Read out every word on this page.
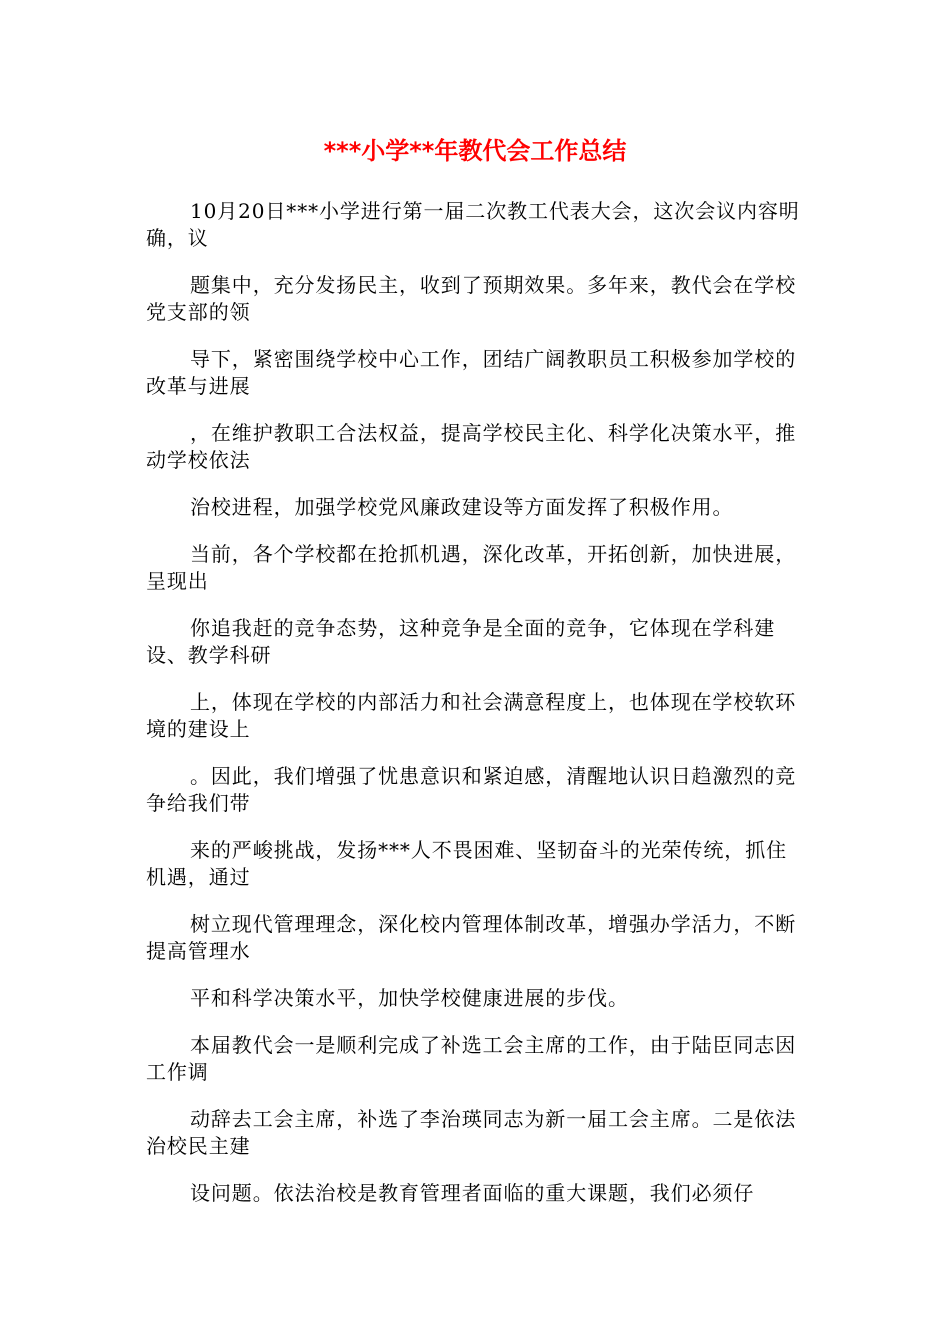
***小学**年教代会工作总结

10月20日***小学进行第一届二次教工代表大会，这次会议内容明确，议

题集中，充分发扬民主，收到了预期效果。多年来，教代会在学校党支部的领

导下，紧密围绕学校中心工作，团结广阔教职员工积极参加学校的改革与进展

，在维护教职工合法权益，提高学校民主化、科学化决策水平，推动学校依法

治校进程，加强学校党风廉政建设等方面发挥了积极作用。

当前，各个学校都在抢抓机遇，深化改革，开拓创新，加快进展，呈现出

你追我赶的竞争态势，这种竞争是全面的竞争，它体现在学科建设、教学科研

上，体现在学校的内部活力和社会满意程度上，也体现在学校软环境的建设上

。因此，我们增强了忧患意识和紧迫感，清醒地认识日趋激烈的竞争给我们带

来的严峻挑战，发扬***人不畏困难、坚韧奋斗的光荣传统，抓住机遇，通过

树立现代管理理念，深化校内管理体制改革，增强办学活力，不断提高管理水

平和科学决策水平，加快学校健康进展的步伐。

本届教代会一是顺利完成了补选工会主席的工作，由于陆臣同志因工作调

动辞去工会主席，补选了李治瑛同志为新一届工会主席。二是依法治校民主建

设问题。依法治校是教育管理者面临的重大课题，我们必须仔
